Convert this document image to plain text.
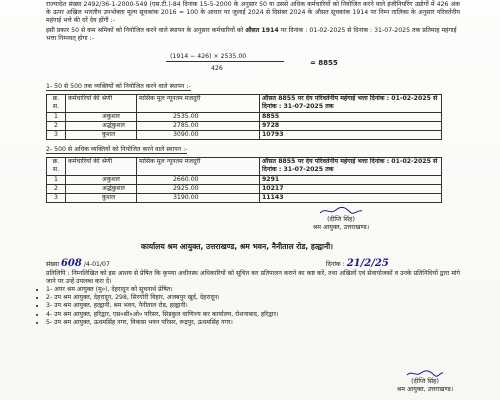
राज्यादेश संख्या 2492/36-1-2000-549 (एस.टी.)-84 दिनांक 15-5-2000 के अनुसार 50 या उससे अधिक कर्मचारियों को नियोजित करने वाले इंजीनियरिंग उद्योगों में 426 अंक के ऊपर अखिल भारतीय उपभोक्ता मूल्य सूचकांक 2016 = 100 के आधार पर जुलाई 2024 से दिसंबर 2024 के औसत सूचकांक 1914 पर निम्न तालिका के अनुसार परिवर्तनीय महंगाई भत्ते की दरें देय होंगी :-

इसी प्रकार 50 से कम श्रमिकों को नियोजित करने वाले स्थापन के अनुसार कर्मचारियों को औसत 1914 पर दिनांक : 01-02-2025 से दिनांक : 31-07-2025 तक प्रतिमाह महंगाई भत्ता निम्नवत् होगा :-

(1914 − 426) × 2535.00
426
= 8855

1- 50 से 500 तक व्यक्तियों को नियोजित करने वाले स्थापन :-

क्र. स.	कर्मचारियों की श्रेणी	मासिक मूल न्यूनतम मजदूरी	औसत 8855 पर देय परिवर्तनीय महंगाई भत्ता दिनांक : 01-02-2025 से दिनांक : 31-07-2025 तक
1	अकुशल	2535.00	8855
2	अर्द्धकुशल	2785.00	9728
3	कुशल	3090.00	10793

2- 500 से अधिक व्यक्तियों को नियोजित करने वाले स्थापन :-

क्र. स.	कर्मचारियों की श्रेणी	मासिक मूल न्यूनतम मजदूरी	औसत 8855 पर देय परिवर्तनीय महंगाई भत्ता दिनांक : 01-02-2025 से दिनांक : 31-07-2025 तक
1	अकुशल	2660.00	9291
2	अर्द्धकुशल	2925.00	10217
3	कुशल	3190.00	11143
(दीप्ति सिंह)
श्रम आयुक्त, उत्तराखण्ड।

कार्यालय श्रम आयुक्त, उत्तराखण्ड, श्रम भवन, नैनीताल रोड, हल्द्वानी।

संख्या 608 /4-01/07	दिनांक : 21/2/25

प्रतिलिपि : निम्नलिखित को इस आशय से प्रेषित कि कृपया अधीनस्थ अधिकारियों को सूचित कर प्रतिपालन कराने का कष्ट करें, तथा अखिलों एवं सेवायोजकों व उनके प्रतिनिधियों द्वारा मांगे जाने पर उन्हें उपलब्ध करा दें।

• 1- अपर श्रम आयुक्त (मु०), देहरादून को सूचनार्थ प्रेषित।
• 2- उप श्रम आयुक्त, देहरादून, 298, सिरगोरी विहार, अजबपुर खुर्द, देहरादून।
• 3- उप श्रम आयुक्त, हल्द्वानी, श्रम भवन, नैनीताल रोड, हल्द्वानी।
• 4- उप श्रम आयुक्त, हरिद्वार, एस०सी०ओ० परिसर, सिडकुल वाणिज्य कर कार्यालय, रोशनाबाद, हरिद्वार।
• 5- उप श्रम आयुक्त, ऊधमसिंह नगर, विकास भवन परिसर, रूद्रपुर, ऊधमसिंह नगर।
(दीप्ति सिंह)
श्रम आयुक्त, उत्तराखण्ड।
